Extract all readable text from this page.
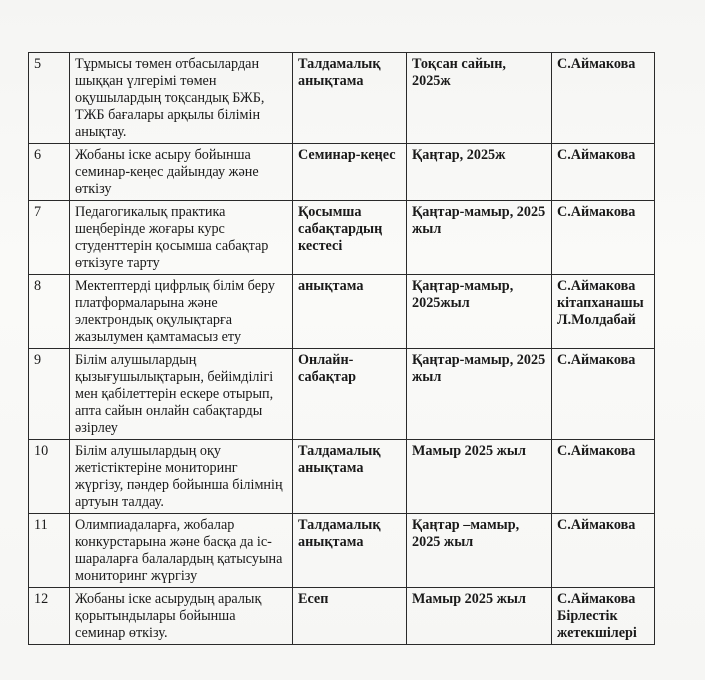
5	Тұрмысы төмен отбасылардан шыққан үлгерімі төмен оқушылардың тоқсандық БЖБ, ТЖБ бағалары арқылы білімін анықтау.	Талдамалық анықтама	Тоқсан сайын, 2025ж	С.Аймакова
6	Жобаны іске асыру бойынша семинар-кеңес дайындау және өткізу	Семинар-кеңес	Қаңтар, 2025ж	С.Аймакова
7	Педагогикалық практика шеңберінде жоғары курс студенттерін қосымша сабақтар өткізуге тарту	Қосымша сабақтардың кестесі	Қаңтар-мамыр, 2025 жыл	С.Аймакова
8	Мектептерді цифрлық білім беру платформаларына және электрондық оқулықтарға жазылумен қамтамасыз ету	анықтама	Қаңтар-мамыр, 2025жыл	С.Аймакова кітапханашы Л.Молдабай
9	Білім алушылардың қызығушылықтарын, бейімділігі мен қабілеттерін ескере отырып, апта сайын онлайн сабақтарды әзірлеу	Онлайн-сабақтар	Қаңтар-мамыр, 2025 жыл	С.Аймакова
10	Білім алушылардың оқу жетістіктеріне мониторинг жүргізу, пәндер бойынша білімнің артуын талдау.	Талдамалық анықтама	Мамыр 2025 жыл	С.Аймакова
11	Олимпиадаларға, жобалар конкурстарына және басқа да іс-шараларға балалардың қатысуына мониторинг жүргізу	Талдамалық анықтама	Қаңтар –мамыр, 2025 жыл	С.Аймакова
12	Жобаны іске асырудың аралық қорытындылары бойынша семинар өткізу.	Есеп	Мамыр 2025 жыл	С.Аймакова Бірлестік жетекшілері
